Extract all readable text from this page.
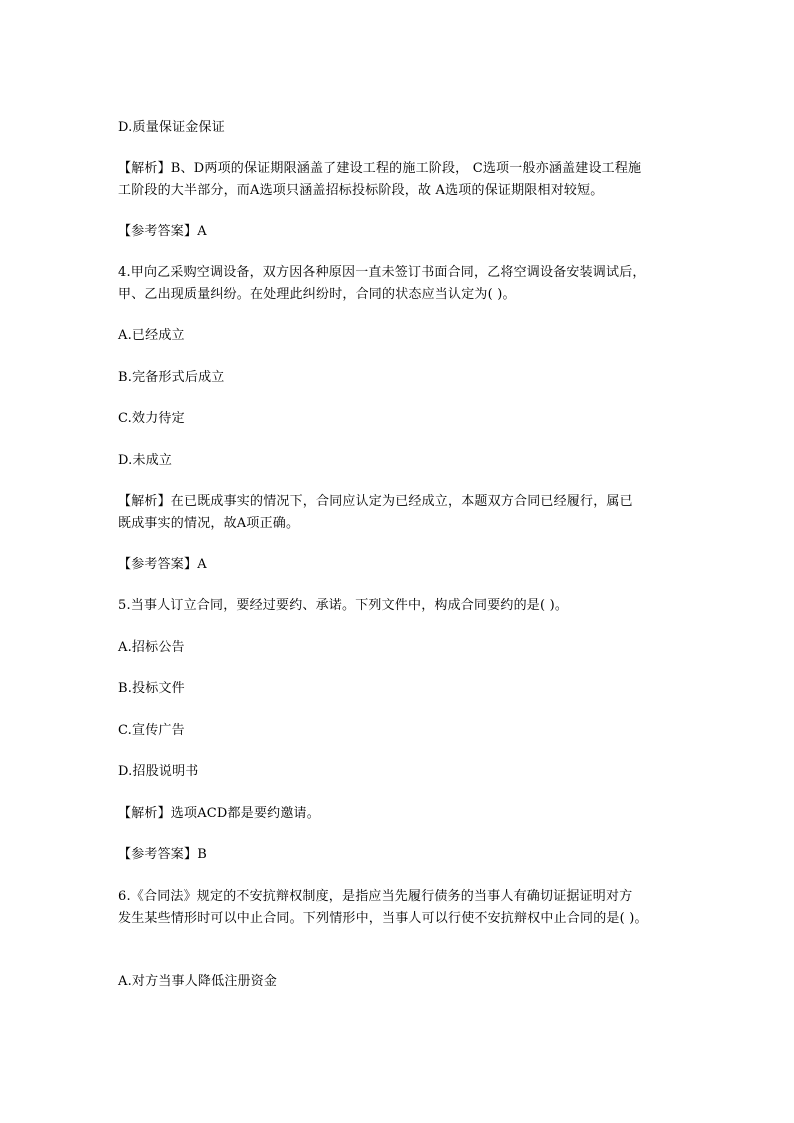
D.质量保证金保证
【解析】B、D两项的保证期限涵盖了建设工程的施工阶段， C选项一般亦涵盖建设工程施
工阶段的大半部分，而A选项只涵盖招标投标阶段，故 A选项的保证期限相对较短。
【参考答案】A
4.甲向乙采购空调设备，双方因各种原因一直未签订书面合同，乙将空调设备安装调试后，
甲、乙出现质量纠纷。在处理此纠纷时，合同的状态应当认定为( )。
A.已经成立
B.完备形式后成立
C.效力待定
D.未成立
【解析】在已既成事实的情况下，合同应认定为已经成立，本题双方合同已经履行，属已
既成事实的情况，故A项正确。
【参考答案】A
5.当事人订立合同，要经过要约、承诺。下列文件中，构成合同要约的是( )。
A.招标公告
B.投标文件
C.宣传广告
D.招股说明书
【解析】选项ACD都是要约邀请。
【参考答案】B
6.《合同法》规定的不安抗辩权制度，是指应当先履行债务的当事人有确切证据证明对方
发生某些情形时可以中止合同。下列情形中，当事人可以行使不安抗辩权中止合同的是( )。
A.对方当事人降低注册资金
